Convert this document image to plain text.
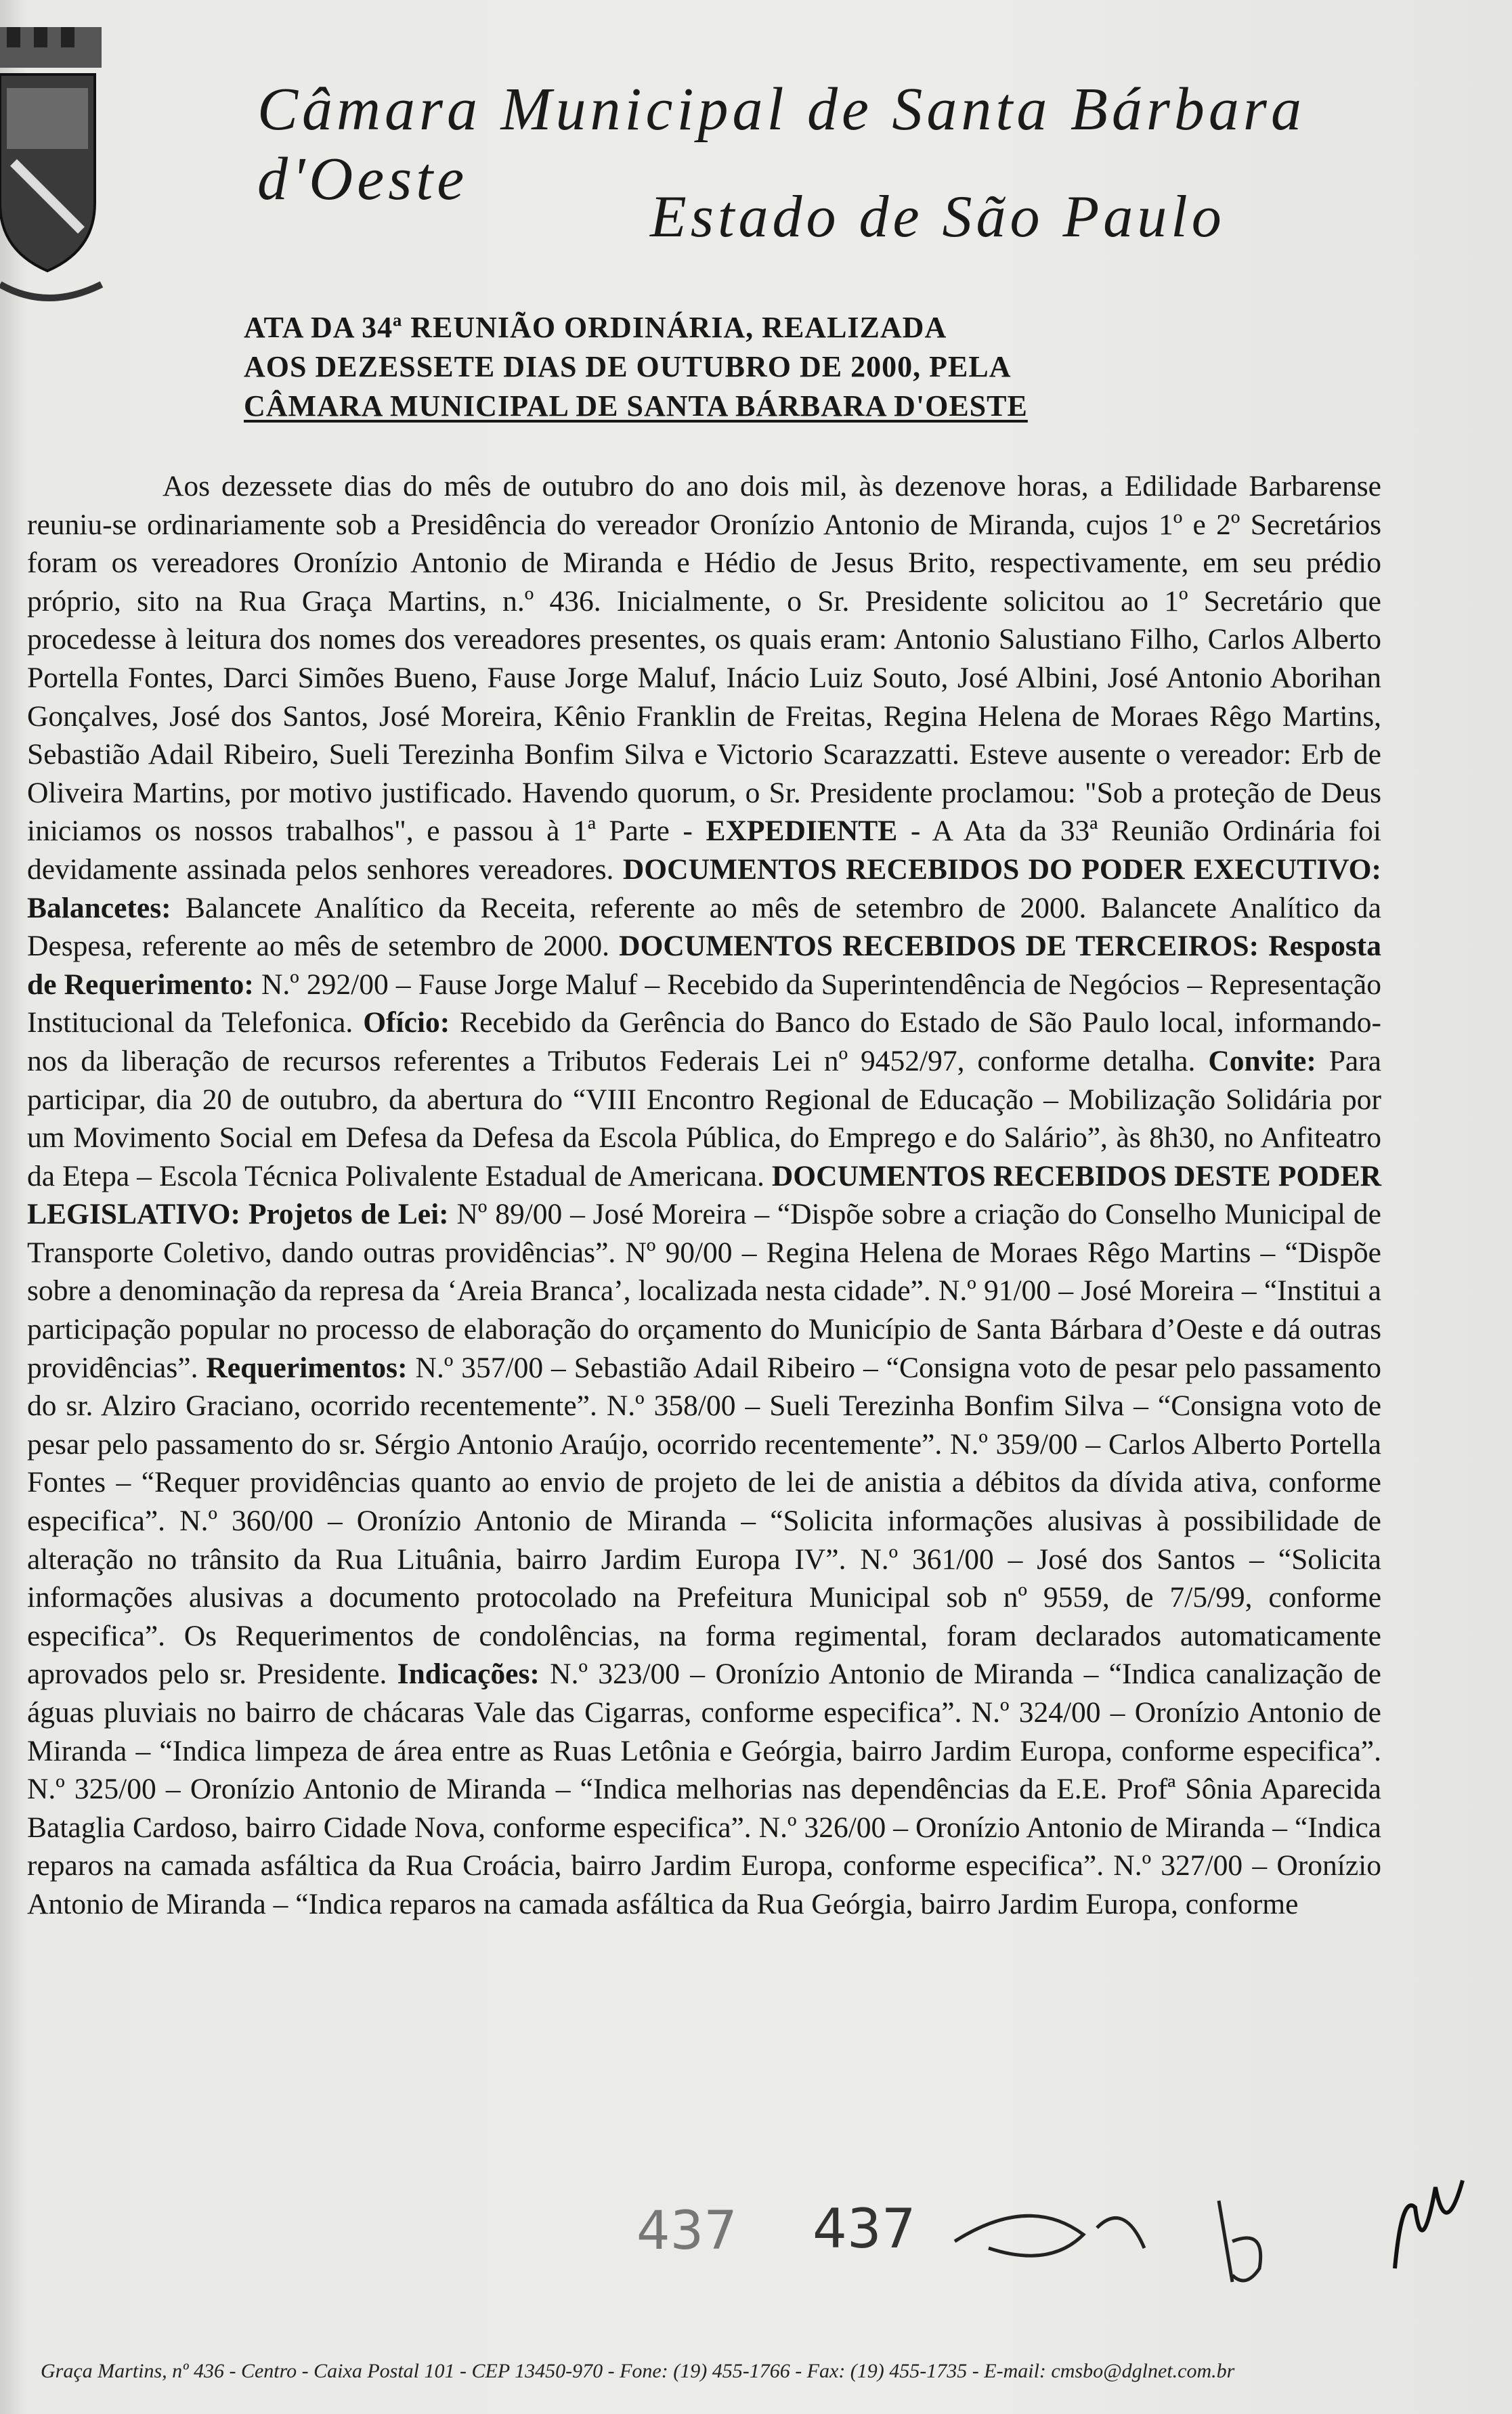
Câmara Municipal de Santa Bárbara d'Oeste
Estado de São Paulo
ATA DA 34ª REUNIÃO ORDINÁRIA, REALIZADA
AOS DEZESSETE DIAS DE OUTUBRO DE 2000, PELA
CÂMARA MUNICIPAL DE SANTA BÁRBARA D'OESTE

Aos dezessete dias do mês de outubro do ano dois mil, às dezenove horas, a Edilidade Barbarense reuniu-se ordinariamente sob a Presidência do vereador Oronízio Antonio de Miranda, cujos 1º e 2º Secretários foram os vereadores Oronízio Antonio de Miranda e Hédio de Jesus Brito, respectivamente, em seu prédio próprio, sito na Rua Graça Martins, n.º 436. Inicialmente, o Sr. Presidente solicitou ao 1º Secretário que procedesse à leitura dos nomes dos vereadores presentes, os quais eram: Antonio Salustiano Filho, Carlos Alberto Portella Fontes, Darci Simões Bueno, Fause Jorge Maluf, Inácio Luiz Souto, José Albini, José Antonio Aborihan Gonçalves, José dos Santos, José Moreira, Kênio Franklin de Freitas, Regina Helena de Moraes Rêgo Martins, Sebastião Adail Ribeiro, Sueli Terezinha Bonfim Silva e Victorio Scarazzatti. Esteve ausente o vereador: Erb de Oliveira Martins, por motivo justificado. Havendo quorum, o Sr. Presidente proclamou: "Sob a proteção de Deus iniciamos os nossos trabalhos", e passou à 1ª Parte - EXPEDIENTE - A Ata da 33ª Reunião Ordinária foi devidamente assinada pelos senhores vereadores. DOCUMENTOS RECEBIDOS DO PODER EXECUTIVO: Balancetes: Balancete Analítico da Receita, referente ao mês de setembro de 2000. Balancete Analítico da Despesa, referente ao mês de setembro de 2000. DOCUMENTOS RECEBIDOS DE TERCEIROS: Resposta de Requerimento: N.º 292/00 – Fause Jorge Maluf – Recebido da Superintendência de Negócios – Representação Institucional da Telefonica. Ofício: Recebido da Gerência do Banco do Estado de São Paulo local, informando-nos da liberação de recursos referentes a Tributos Federais Lei nº 9452/97, conforme detalha. Convite: Para participar, dia 20 de outubro, da abertura do “VIII Encontro Regional de Educação – Mobilização Solidária por um Movimento Social em Defesa da Defesa da Escola Pública, do Emprego e do Salário”, às 8h30, no Anfiteatro da Etepa – Escola Técnica Polivalente Estadual de Americana. DOCUMENTOS RECEBIDOS DESTE PODER LEGISLATIVO: Projetos de Lei: Nº 89/00 – José Moreira – “Dispõe sobre a criação do Conselho Municipal de Transporte Coletivo, dando outras providências”. Nº 90/00 – Regina Helena de Moraes Rêgo Martins – “Dispõe sobre a denominação da represa da ‘Areia Branca’, localizada nesta cidade”. N.º 91/00 – José Moreira – “Institui a participação popular no processo de elaboração do orçamento do Município de Santa Bárbara d’Oeste e dá outras providências”. Requerimentos: N.º 357/00 – Sebastião Adail Ribeiro – “Consigna voto de pesar pelo passamento do sr. Alziro Graciano, ocorrido recentemente”. N.º 358/00 – Sueli Terezinha Bonfim Silva – “Consigna voto de pesar pelo passamento do sr. Sérgio Antonio Araújo, ocorrido recentemente”. N.º 359/00 – Carlos Alberto Portella Fontes – “Requer providências quanto ao envio de projeto de lei de anistia a débitos da dívida ativa, conforme especifica”. N.º 360/00 – Oronízio Antonio de Miranda – “Solicita informações alusivas à possibilidade de alteração no trânsito da Rua Lituânia, bairro Jardim Europa IV”. N.º 361/00 – José dos Santos – “Solicita informações alusivas a documento protocolado na Prefeitura Municipal sob nº 9559, de 7/5/99, conforme especifica”. Os Requerimentos de condolências, na forma regimental, foram declarados automaticamente aprovados pelo sr. Presidente. Indicações: N.º 323/00 – Oronízio Antonio de Miranda – “Indica canalização de águas pluviais no bairro de chácaras Vale das Cigarras, conforme especifica”. N.º 324/00 – Oronízio Antonio de Miranda – “Indica limpeza de área entre as Ruas Letônia e Geórgia, bairro Jardim Europa, conforme especifica”. N.º 325/00 – Oronízio Antonio de Miranda – “Indica melhorias nas dependências da E.E. Profª Sônia Aparecida Bataglia Cardoso, bairro Cidade Nova, conforme especifica”. N.º 326/00 – Oronízio Antonio de Miranda – “Indica reparos na camada asfáltica da Rua Croácia, bairro Jardim Europa, conforme especifica”. N.º 327/00 – Oronízio Antonio de Miranda – “Indica reparos na camada asfáltica da Rua Geórgia, bairro Jardim Europa, conforme

437 437
Graça Martins, nº 436 - Centro - Caixa Postal 101 - CEP 13450-970 - Fone: (19) 455-1766 - Fax: (19) 455-1735 - E-mail: cmsbo@dglnet.com.br
